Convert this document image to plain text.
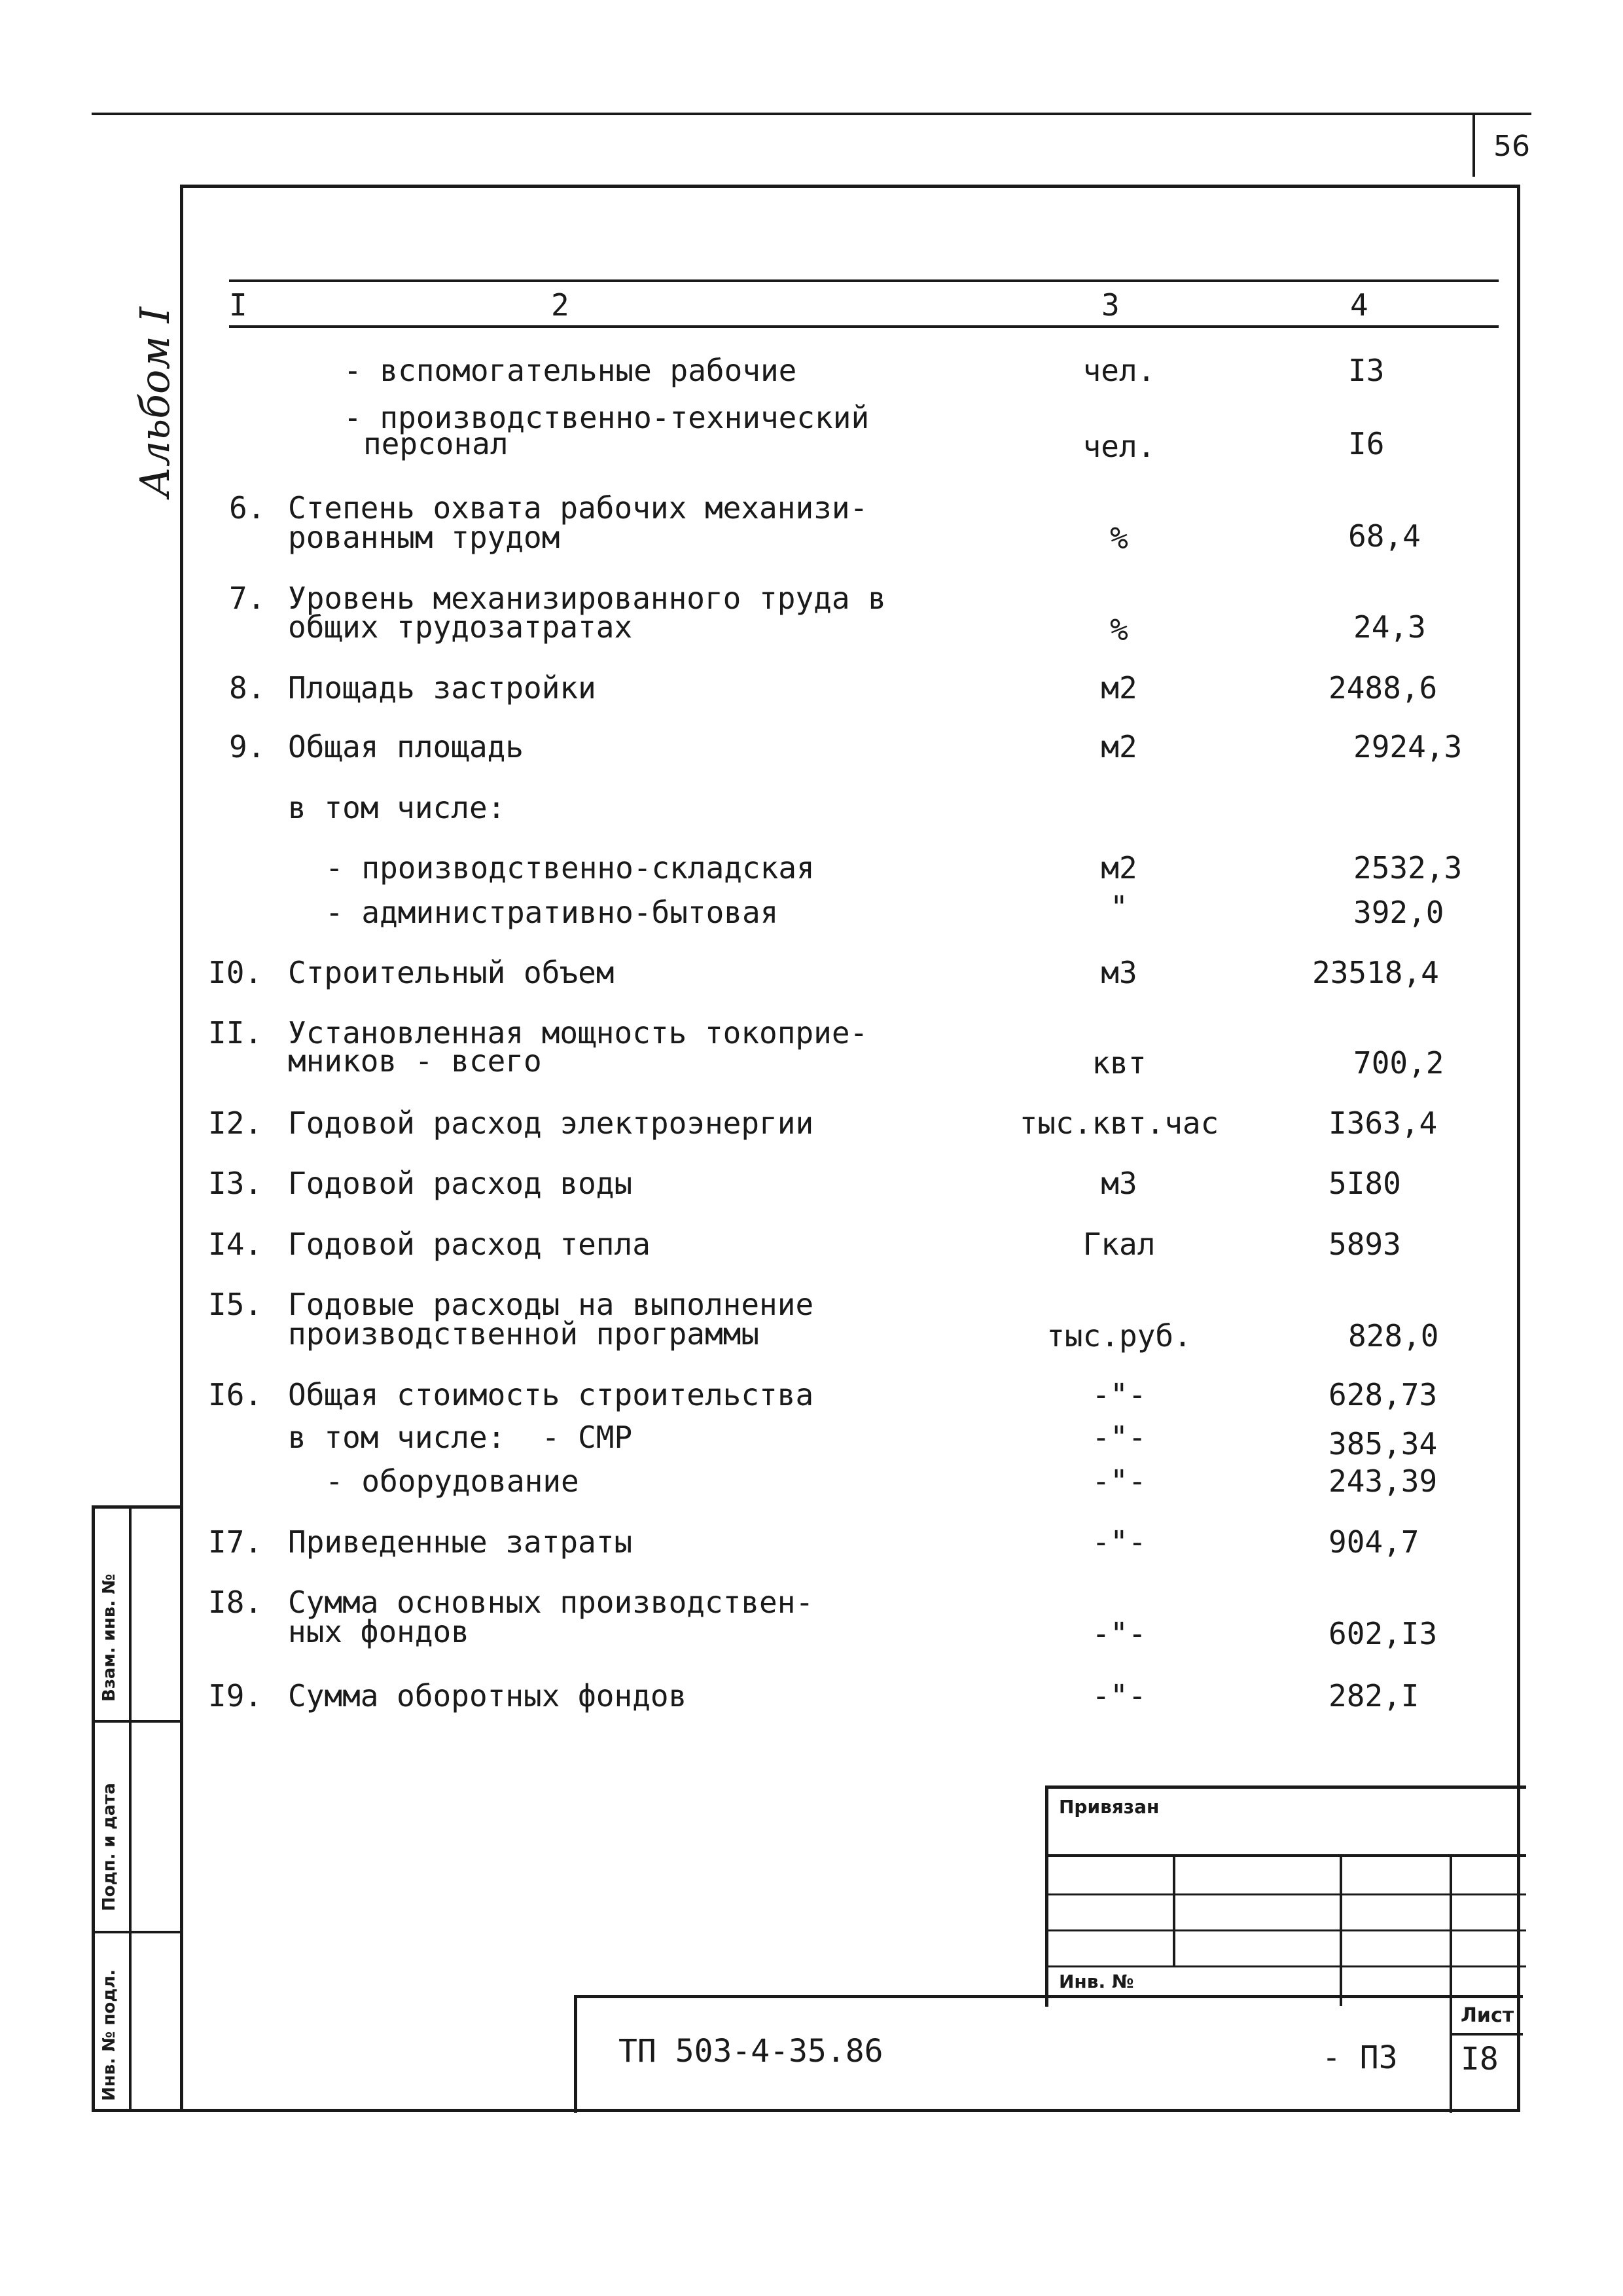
56
Альбом I
Взам. инв. №
Подп. и дата
Инв. № подл.
I	2	3	4
- вспомогательные рабочие	чел.	I3
- производственно-технический
персонал	чел.	I6
6. Степень охвата рабочих механизи-
рованным трудом	%	68,4
7. Уровень механизированного труда в
общих трудозатратах	%	24,3
8. Площадь застройки	м2	2488,6
9. Общая площадь	м2	2924,3
в том числе:
- производственно-складская	м2	2532,3
- административно-бытовая	"	392,0
I0. Строительный объем	м3	23518,4
II. Установленная мощность токоприе-
мников - всего	квт	700,2
I2. Годовой расход электроэнергии	тыс.квт.час	I363,4
I3. Годовой расход воды	м3	5I80
I4. Годовой расход тепла	Гкал	5893
I5. Годовые расходы на выполнение
производственной программы	тыс.руб.	828,0
I6. Общая стоимость строительства	-"-	628,73
в том числе:  - СМР	-"-	385,34
- оборудование	-"-	243,39
I7. Приведенные затраты	-"-	904,7
I8. Сумма основных производствен-
ных фондов	-"-	602,I3
I9. Сумма оборотных фондов	-"-	282,I
Привязан
Инв. №
ТП 503-4-35.86	- ПЗ
Лист
I8
